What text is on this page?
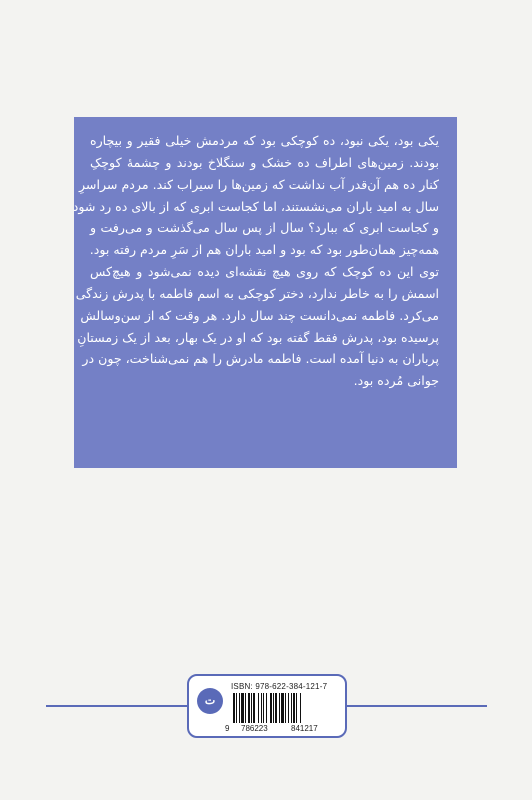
یکی بود، یکی نبود، ده کوچکی بود که مردمش خیلی فقیر و بیچاره
بودند. زمین‌های اطراف ده خشک و سنگلاخ بودند و چشمهٔ کوچکِ
کنار ده هم آن‌قدر آب نداشت که زمین‌ها را سیراب کند. مردم سراسرِ
سال به امید باران می‌نشستند، اما کجاست ابری که از بالای ده رد شود
و کجاست ابری که ببارد؟ سال از پس سال می‌گذشت و می‌رفت و
همه‌چیز همان‌طور بود که بود و امید باران هم از سَرِ مردم رفته بود.
توی این ده کوچک که روی هیچ نقشه‌ای دیده نمی‌شود و هیچ‌کس
اسمش را به خاطر ندارد، دختر کوچکی به اسم فاطمه با پدرش زندگی
می‌کرد. فاطمه نمی‌دانست چند سال دارد. هر وقت که از سن‌وسالش
پرسیده بود، پدرش فقط گفته بود که او در یک بهار، بعد از یک زمستانِ
پرباران به دنیا آمده است. فاطمه مادرش را هم نمی‌شناخت، چون در
جوانی مُرده بود.
ت
ISBN: 978-622-384-121-7
9 786223	841217
